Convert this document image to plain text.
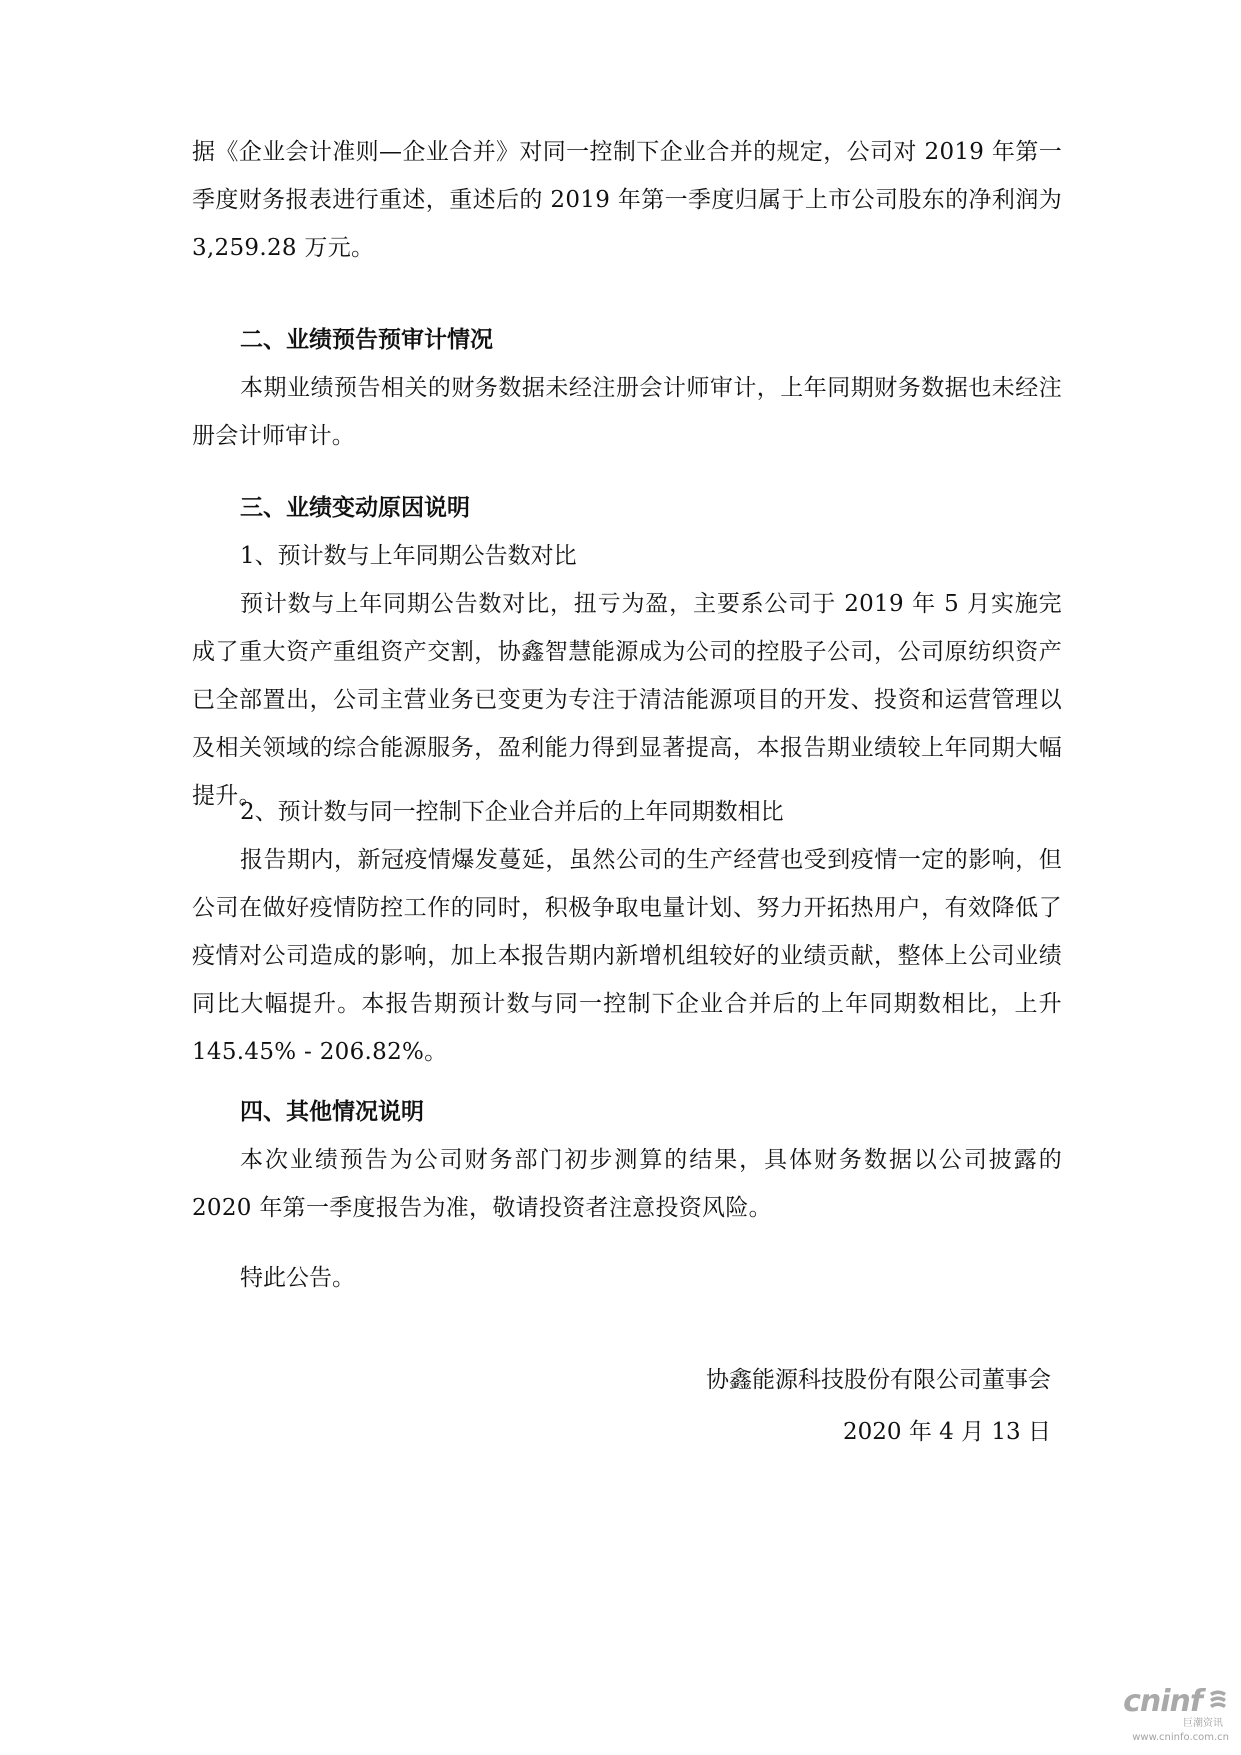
据《企业会计准则—企业合并》对同一控制下企业合并的规定，公司对 2019 年第一季度财务报表进行重述，重述后的 2019 年第一季度归属于上市公司股东的净利润为 3,259.28 万元。
二、业绩预告预审计情况
本期业绩预告相关的财务数据未经注册会计师审计，上年同期财务数据也未经注册会计师审计。
三、业绩变动原因说明
1、预计数与上年同期公告数对比
预计数与上年同期公告数对比，扭亏为盈，主要系公司于 2019 年 5 月实施完成了重大资产重组资产交割，协鑫智慧能源成为公司的控股子公司，公司原纺织资产已全部置出，公司主营业务已变更为专注于清洁能源项目的开发、投资和运营管理以及相关领域的综合能源服务，盈利能力得到显著提高，本报告期业绩较上年同期大幅提升。
2、预计数与同一控制下企业合并后的上年同期数相比
报告期内，新冠疫情爆发蔓延，虽然公司的生产经营也受到疫情一定的影响，但公司在做好疫情防控工作的同时，积极争取电量计划、努力开拓热用户，有效降低了疫情对公司造成的影响，加上本报告期内新增机组较好的业绩贡献，整体上公司业绩同比大幅提升。本报告期预计数与同一控制下企业合并后的上年同期数相比，上升 145.45% - 206.82%。
四、其他情况说明
本次业绩预告为公司财务部门初步测算的结果，具体财务数据以公司披露的 2020 年第一季度报告为准，敬请投资者注意投资风险。
特此公告。
协鑫能源科技股份有限公司董事会
2020 年 4 月 13 日
cninf
巨潮资讯
www.cninfo.com.cn
